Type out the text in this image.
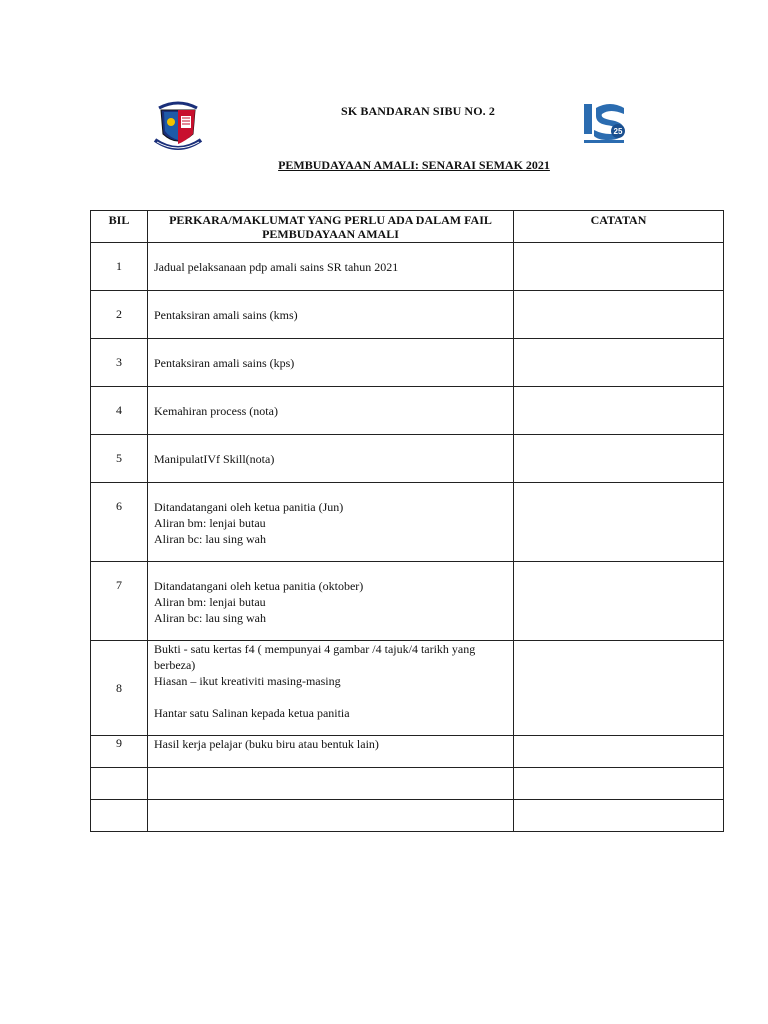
SK BANDARAN SIBU NO. 2
25
PEMBUDAYAAN AMALI: SENARAI SEMAK 2021
BIL	PERKARA/MAKLUMAT YANG PERLU ADA DALAM FAIL PEMBUDAYAAN AMALI	CATATAN
1	Jadual pelaksanaan pdp amali sains SR tahun 2021	

2	Pentaksiran amali sains (kms)	

3	Pentaksiran amali sains (kps)	

4	Kemahiran process (nota)	

5	ManipulatIVf Skill(nota)	

6	Ditandatangani oleh ketua panitia (Jun)
Aliran bm: lenjai butau
Aliran bc: lau sing wah	

7	Ditandatangani oleh ketua panitia (oktober)
Aliran bm: lenjai butau
Aliran bc: lau sing wah	

8	Bukti - satu kertas f4 ( mempunyai 4 gambar /4 tajuk/4 tarikh yang berbeza)
Hiasan – ikut kreativiti masing-masing
Hantar satu Salinan kepada ketua panitia	

9	Hasil kerja pelajar (buku biru atau bentuk lain)	
